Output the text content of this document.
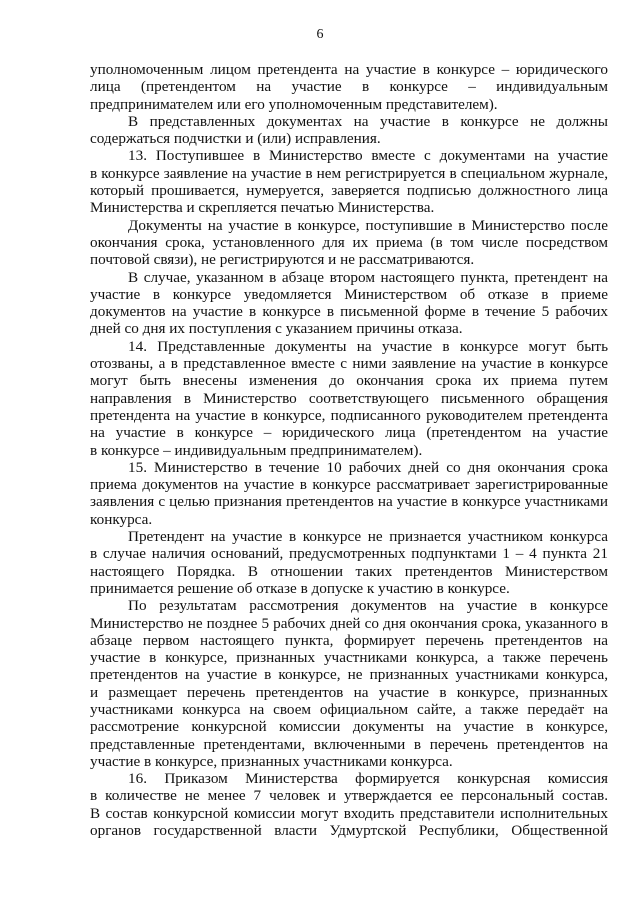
6
уполномоченным лицом претендента на участие в конкурсе – юридического
лица (претендентом на участие в конкурсе – индивидуальным
предпринимателем или его уполномоченным представителем).
В представленных документах на участие в конкурсе не должны
содержаться подчистки и (или) исправления.
13. Поступившее в Министерство вместе с документами на участие
в конкурсе заявление на участие в нем регистрируется в специальном журнале,
который прошивается, нумеруется, заверяется подписью должностного лица
Министерства и скрепляется печатью Министерства.
Документы на участие в конкурсе, поступившие в Министерство после
окончания срока, установленного для их приема (в том числе посредством
почтовой связи), не регистрируются и не рассматриваются.
В случае, указанном в абзаце втором настоящего пункта, претендент на
участие в конкурсе уведомляется Министерством об отказе в приеме
документов на участие в конкурсе в письменной форме в течение 5 рабочих
дней со дня их поступления с указанием причины отказа.
14. Представленные документы на участие в конкурсе могут быть
отозваны, а в представленное вместе с ними заявление на участие в конкурсе
могут быть внесены изменения до окончания срока их приема путем
направления в Министерство соответствующего письменного обращения
претендента на участие в конкурсе, подписанного руководителем претендента
на участие в конкурсе – юридического лица (претендентом на участие
в конкурсе – индивидуальным предпринимателем).
15. Министерство в течение 10 рабочих дней со дня окончания срока
приема документов на участие в конкурсе рассматривает зарегистрированные
заявления с целью признания претендентов на участие в конкурсе участниками
конкурса.
Претендент на участие в конкурсе не признается участником конкурса
в случае наличия оснований, предусмотренных подпунктами 1 – 4 пункта 21
настоящего Порядка. В отношении таких претендентов Министерством
принимается решение об отказе в допуске к участию в конкурсе.
По результатам рассмотрения документов на участие в конкурсе
Министерство не позднее 5 рабочих дней со дня окончания срока, указанного в
абзаце первом настоящего пункта, формирует перечень претендентов на
участие в конкурсе, признанных участниками конкурса, а также перечень
претендентов на участие в конкурсе, не признанных участниками конкурса,
и размещает перечень претендентов на участие в конкурсе, признанных
участниками конкурса на своем официальном сайте, а также передаёт на
рассмотрение конкурсной комиссии документы на участие в конкурсе,
представленные претендентами, включенными в перечень претендентов на
участие в конкурсе, признанных участниками конкурса.
16. Приказом Министерства формируется конкурсная комиссия
в количестве не менее 7 человек и утверждается ее персональный состав.
В состав конкурсной комиссии могут входить представители исполнительных
органов государственной власти Удмуртской Республики, Общественной
